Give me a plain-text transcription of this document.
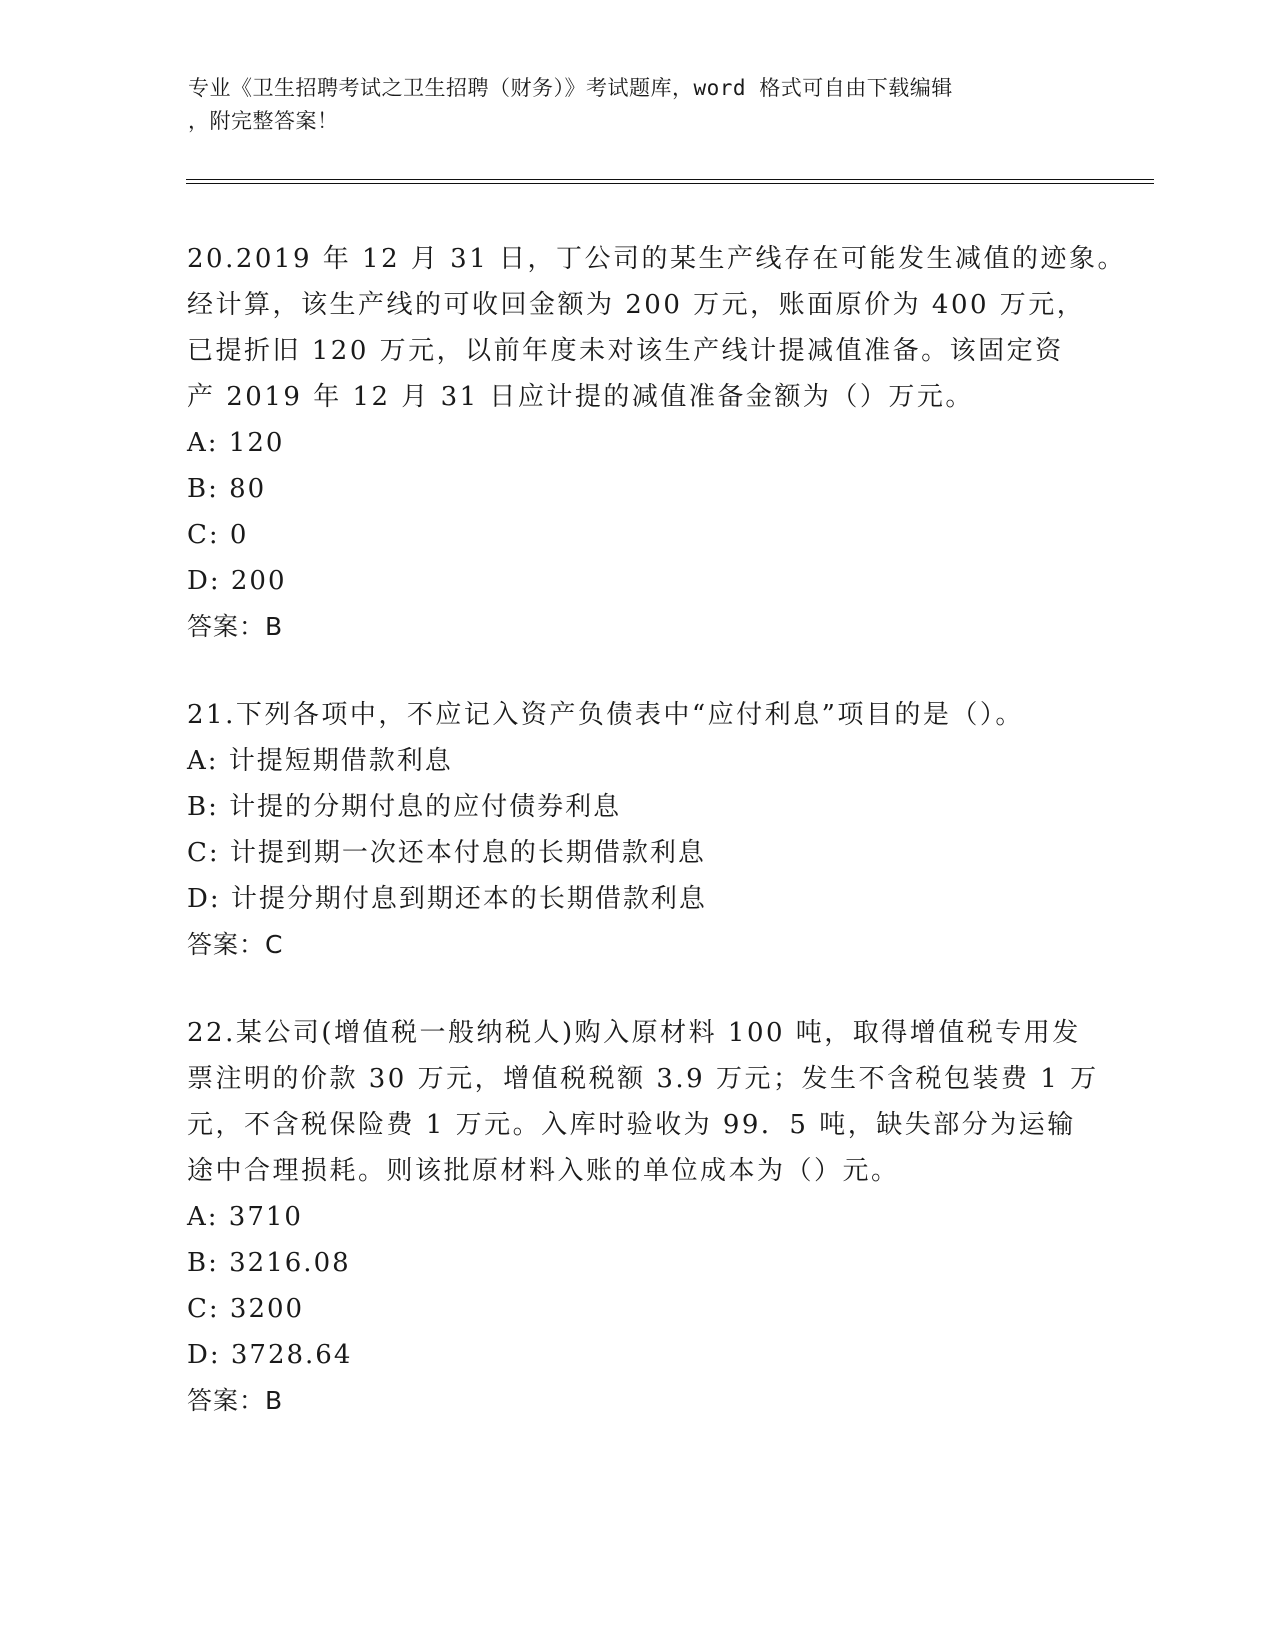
专业《卫生招聘考试之卫生招聘（财务）》考试题库，word 格式可自由下载编辑
，附完整答案！
20.2019 年 12 月 31 日，丁公司的某生产线存在可能发生减值的迹象。
经计算，该生产线的可收回金额为 200 万元，账面原价为 400 万元，
已提折旧 120 万元，以前年度未对该生产线计提减值准备。该固定资
产 2019 年 12 月 31 日应计提的减值准备金额为（）万元。
A: 120
B: 80
C: 0
D: 200
答案：B
21.下列各项中，不应记入资产负债表中“应付利息”项目的是（）。
A: 计提短期借款利息
B: 计提的分期付息的应付债券利息
C: 计提到期一次还本付息的长期借款利息
D: 计提分期付息到期还本的长期借款利息
答案：C
22.某公司(增值税一般纳税人)购入原材料 100 吨，取得增值税专用发
票注明的价款 30 万元，增值税税额 3.9 万元；发生不含税包装费 1 万
元，不含税保险费 1 万元。入库时验收为 99．5 吨，缺失部分为运输
途中合理损耗。则该批原材料入账的单位成本为（）元。
A: 3710
B: 3216.08
C: 3200
D: 3728.64
答案：B
